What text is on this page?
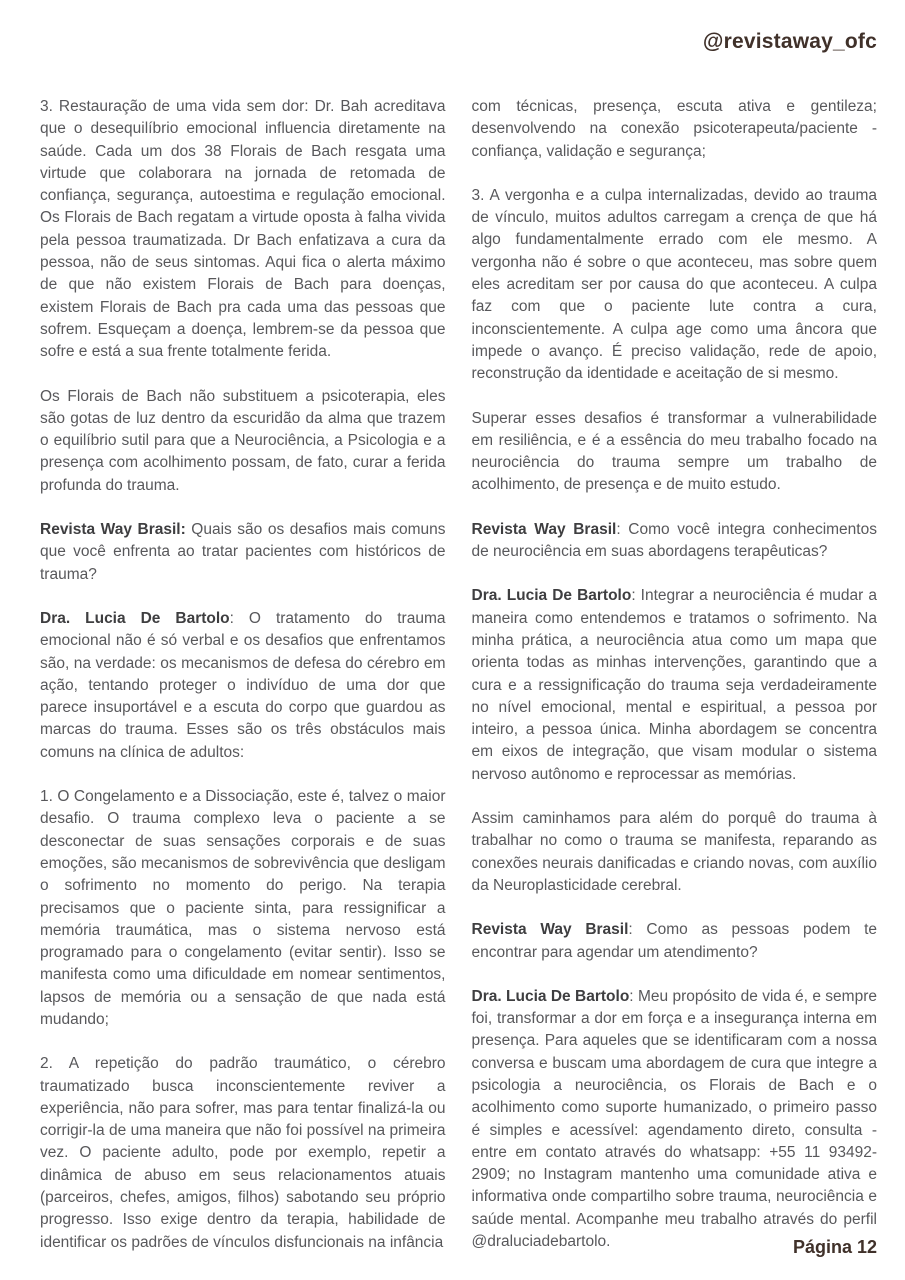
@revistaway_ofc

3. Restauração de uma vida sem dor: Dr. Bah acreditava que o desequilíbrio emocional influencia diretamente na saúde. Cada um dos 38 Florais de Bach resgata uma virtude que colaborara na jornada de retomada de confiança, segurança, autoestima e regulação emocional. Os Florais de Bach regatam a virtude oposta à falha vivida pela pessoa traumatizada. Dr Bach enfatizava a cura da pessoa, não de seus sintomas. Aqui fica o alerta máximo de que não existem Florais de Bach para doenças, existem Florais de Bach pra cada uma das pessoas que sofrem. Esqueçam a doença, lembrem-se da pessoa que sofre e está a sua frente totalmente ferida.

Os Florais de Bach não substituem a psicoterapia, eles são gotas de luz dentro da escuridão da alma que trazem o equilíbrio sutil para que a Neurociência, a Psicologia e a presença com acolhimento possam, de fato, curar a ferida profunda do trauma.

Revista Way Brasil: Quais são os desafios mais comuns que você enfrenta ao tratar pacientes com históricos de trauma?

Dra. Lucia De Bartolo: O tratamento do trauma emocional não é só verbal e os desafios que enfrentamos são, na verdade: os mecanismos de defesa do cérebro em ação, tentando proteger o indivíduo de uma dor que parece insuportável e a escuta do corpo que guardou as marcas do trauma. Esses são os três obstáculos mais comuns na clínica de adultos:

1. O Congelamento e a Dissociação, este é, talvez o maior desafio. O trauma complexo leva o paciente a se desconectar de suas sensações corporais e de suas emoções, são mecanismos de sobrevivência que desligam o sofrimento no momento do perigo. Na terapia precisamos que o paciente sinta, para ressignificar a memória traumática, mas o sistema nervoso está programado para o congelamento (evitar sentir). Isso se manifesta como uma dificuldade em nomear sentimentos, lapsos de memória ou a sensação de que nada está mudando;

2. A repetição do padrão traumático, o cérebro traumatizado busca inconscientemente reviver a experiência, não para sofrer, mas para tentar finalizá-la ou corrigir-la de uma maneira que não foi possível na primeira vez. O paciente adulto, pode por exemplo, repetir a dinâmica de abuso em seus relacionamentos atuais (parceiros, chefes, amigos, filhos) sabotando seu próprio progresso. Isso exige dentro da terapia, habilidade de identificar os padrões de vínculos disfuncionais na infância

com técnicas, presença, escuta ativa e gentileza; desenvolvendo na conexão psicoterapeuta/paciente - confiança, validação e segurança;

3. A vergonha e a culpa internalizadas, devido ao trauma de vínculo, muitos adultos carregam a crença de que há algo fundamentalmente errado com ele mesmo. A vergonha não é sobre o que aconteceu, mas sobre quem eles acreditam ser por causa do que aconteceu. A culpa faz com que o paciente lute contra a cura, inconscientemente. A culpa age como uma âncora que impede o avanço. É preciso validação, rede de apoio, reconstrução da identidade e aceitação de si mesmo.

Superar esses desafios é transformar a vulnerabilidade em resiliência, e é a essência do meu trabalho focado na neurociência do trauma sempre um trabalho de acolhimento, de presença e de muito estudo.

Revista Way Brasil: Como você integra conhecimentos de neurociência em suas abordagens terapêuticas?

Dra. Lucia De Bartolo: Integrar a neurociência é mudar a maneira como entendemos e tratamos o sofrimento. Na minha prática, a neurociência atua como um mapa que orienta todas as minhas intervenções, garantindo que a cura e a ressignificação do trauma seja verdadeiramente no nível emocional, mental e espiritual, a pessoa por inteiro, a pessoa única. Minha abordagem se concentra em eixos de integração, que visam modular o sistema nervoso autônomo e reprocessar as memórias.

Assim caminhamos para além do porquê do trauma à trabalhar no como o trauma se manifesta, reparando as conexões neurais danificadas e criando novas, com auxílio da Neuroplasticidade cerebral.

Revista Way Brasil: Como as pessoas podem te encontrar para agendar um atendimento?

Dra. Lucia De Bartolo: Meu propósito de vida é, e sempre foi, transformar a dor em força e a insegurança interna em presença. Para aqueles que se identificaram com a nossa conversa e buscam uma abordagem de cura que integre a psicologia a neurociência, os Florais de Bach e o acolhimento como suporte humanizado, o primeiro passo é simples e acessível: agendamento direto, consulta - entre em contato através do whatsapp: +55 11 93492-2909; no Instagram mantenho uma comunidade ativa e informativa onde compartilho sobre trauma, neurociência e saúde mental. Acompanhe meu trabalho através do perfil @draluciadebartolo.	Página 12
